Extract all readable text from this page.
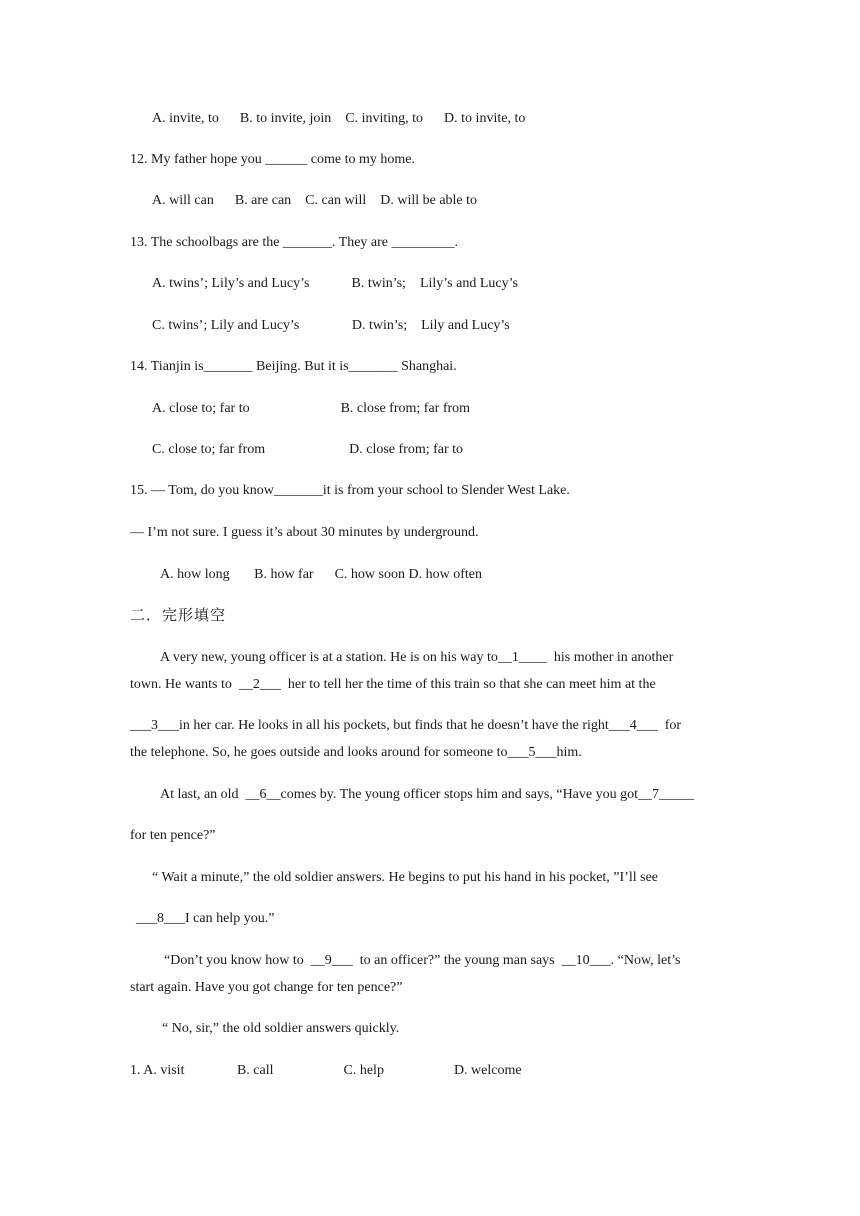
A. invite, to      B. to invite, join    C. inviting, to      D. to invite, to
12. My father hope you ______ come to my home.
A. will can      B. are can    C. can will    D. will be able to
13. The schoolbags are the _______. They are _________.
A. twins’; Lily’s and Lucy’s            B. twin’s;    Lily’s and Lucy’s
C. twins’; Lily and Lucy’s               D. twin’s;    Lily and Lucy’s
14. Tianjin is_______ Beijing. But it is_______ Shanghai.
A. close to; far to                          B. close from; far from
C. close to; far from                        D. close from; far to
15. — Tom, do you know_______it is from your school to Slender West Lake.
— I’m not sure. I guess it’s about 30 minutes by underground.
A. how long       B. how far      C. how soon D. how often
二．完形填空
A very new, young officer is at a station. He is on his way to__1____  his mother in another
town. He wants to  __2___  her to tell her the time of this train so that she can meet him at the
___3___in her car. He looks in all his pockets, but finds that he doesn’t have the right___4___  for
the telephone. So, he goes outside and looks around for someone to___5___him.
At last, an old  __6__comes by. The young officer stops him and says, “Have you got__7_____
for ten pence?”
“ Wait a minute,” the old soldier answers. He begins to put his hand in his pocket, ”I’ll see
___8___I can help you.”
“Don’t you know how to  __9___  to an officer?” the young man says  __10___. “Now, let’s
start again. Have you got change for ten pence?”
“ No, sir,” the old soldier answers quickly.
1. A. visit               B. call                    C. help                    D. welcome
